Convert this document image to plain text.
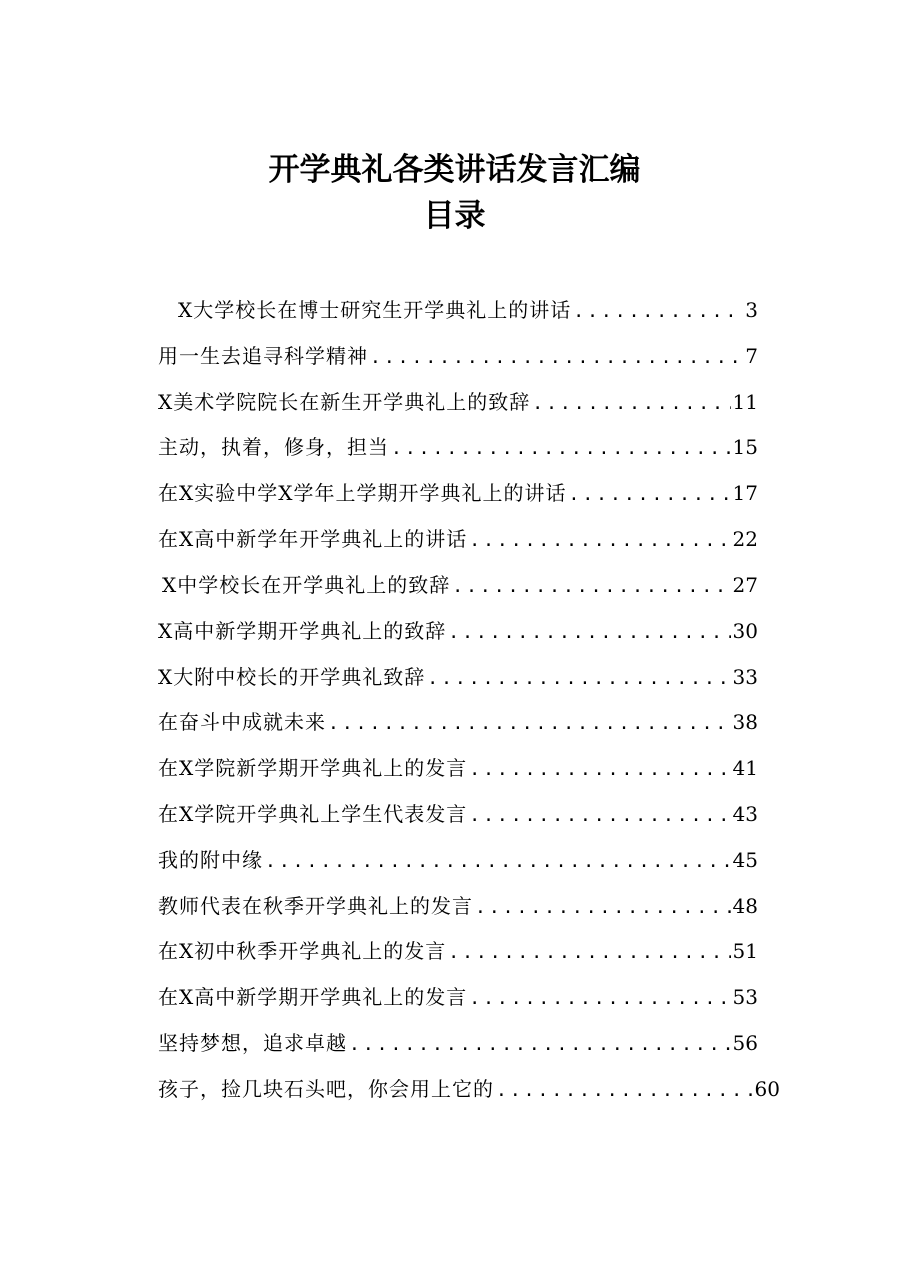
开学典礼各类讲话发言汇编
目录
X大学校长在博士研究生开学典礼上的讲话 .....	3
用一生去追寻科学精神 .....	7
X美术学院院长在新生开学典礼上的致辞 .....	11
主动，执着，修身，担当 .....	15
在X实验中学X学年上学期开学典礼上的讲话 .....	17
在X高中新学年开学典礼上的讲话 .....	22
X中学校长在开学典礼上的致辞 .....	27
X高中新学期开学典礼上的致辞 .....	30
X大附中校长的开学典礼致辞 .....	33
在奋斗中成就未来 .....	38
在X学院新学期开学典礼上的发言 .....	41
在X学院开学典礼上学生代表发言 .....	43
我的附中缘 .....	45
教师代表在秋季开学典礼上的发言 .....	48
在X初中秋季开学典礼上的发言 .....	51
在X高中新学期开学典礼上的发言 .....	53
坚持梦想，追求卓越 .....	56
孩子，捡几块石头吧，你会用上它的 .....	60
